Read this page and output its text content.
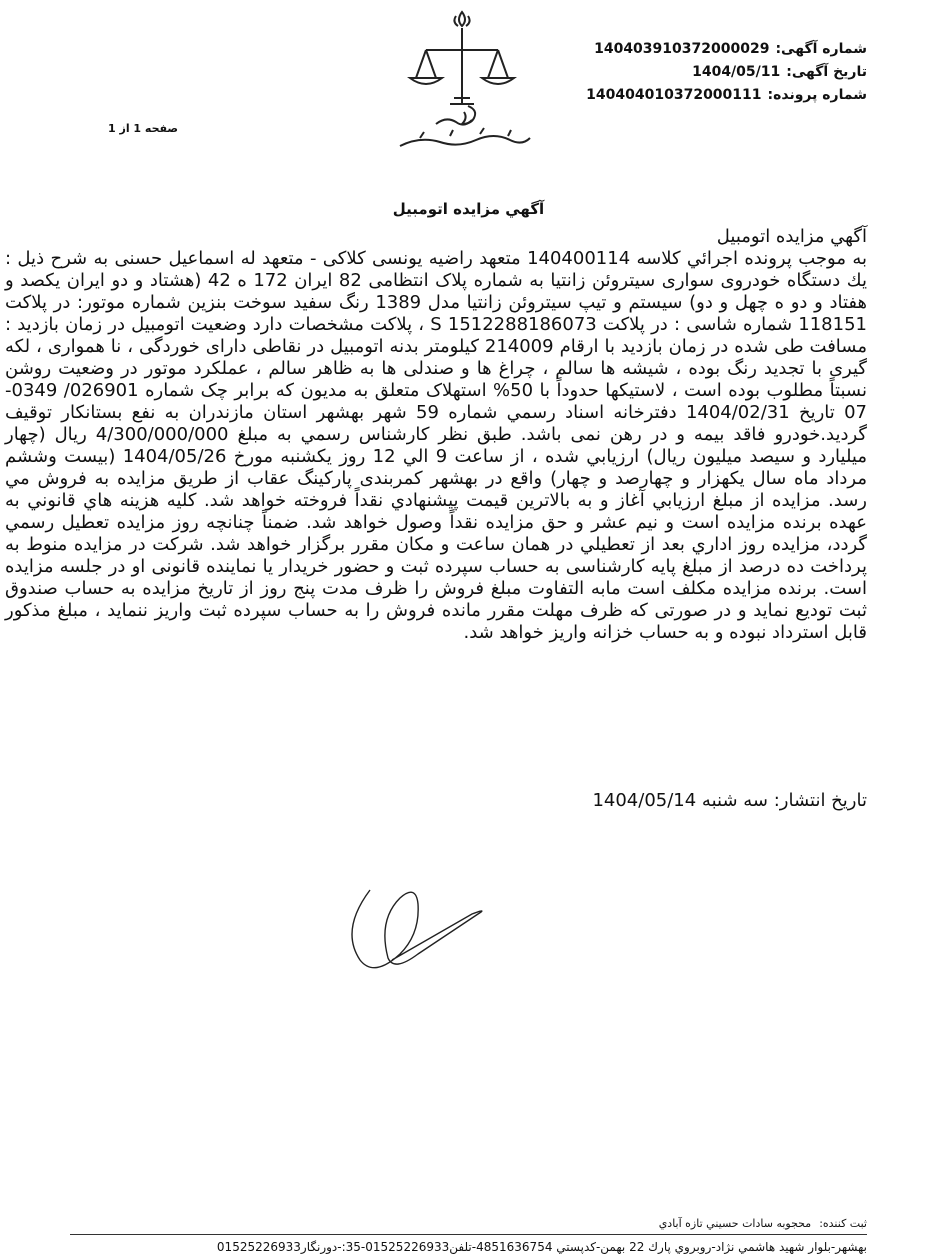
شماره آگهی:
140403910372000029
تاریخ آگهی:
1404/05/11
شماره پرونده:
140404010372000111
صفحه 1 از 1
آگهي مزايده اتومبيل

آگهي مزايده اتومبيل

به موجب پرونده اجرائي كلاسه 140400114 متعهد راضیه یونسی کلاکی - متعهد له اسماعیل حسنی به شرح ذیل : یك دستگاه خودروی سواری سیتروئن زانتیا به شماره پلاک انتظامی 82 ایران 172 ه 42 (هشتاد و دو ایران یکصد و هفتاد و دو ه چهل و دو) سیستم و تیپ سیتروئن زانتیا مدل 1389 رنگ سفید سوخت بنزین شماره موتور: در پلاکت 118151 شماره شاسی : در پلاکت S 1512288186073 ، پلاکت مشخصات دارد وضعیت اتومبیل در زمان بازدید : مسافت طی شده در زمان بازدید با ارقام 214009 کیلومتر بدنه اتومبیل در نقاطی دارای خوردگی ، نا همواری ، لکه گیری با تجدید رنگ بوده ، شیشه ها سالم ، چراغ ها و صندلی ها به ظاهر سالم ، عملکرد موتور در وضعیت روشن نسبتاً مطلوب بوده است ، لاستیکها حدوداً با 50% استهلاک متعلق به مدیون که برابر چک شماره 026901/ 0349-07 تاریخ 1404/02/31 دفترخانه اسناد رسمي شماره 59 شهر بهشهر استان مازندران به نفع بستانکار توقیف گردید.خودرو فاقد بیمه و در رهن نمی باشد. طبق نظر كارشناس رسمي به مبلغ 4/300/000/000 ريال (چهار میلیارد و سیصد میلیون ریال) ارزيابي شده ، از ساعت 9 الي 12 روز يكشنبه مورخ 1404/05/26 (بیست وششم مرداد ماه سال یکهزار و چهارصد و چهار) واقع در بهشهر کمربندی پارکینگ عقاب از طريق مزايده به فروش مي رسد. مزايده از مبلغ ارزيابي آغاز و به بالاترين قيمت پيشنهادي نقداً فروخته خواهد شد. كليه هزينه هاي قانوني به عهده برنده مزايده است و نيم عشر و حق مزايده نقداً وصول خواهد شد. ضمناً چنانچه روز مزايده تعطيل رسمي گردد، مزايده روز اداري بعد از تعطيلي در همان ساعت و مكان مقرر برگزار خواهد شد. شرکت در مزایده منوط به پرداخت ده درصد از مبلغ پایه کارشناسی به حساب سپرده ثبت و حضور خریدار یا نماینده قانونی او در جلسه مزایده است. برنده مزایده مکلف است مابه التفاوت مبلغ فروش را ظرف مدت پنج روز از تاریخ مزایده به حساب صندوق ثبت تودیع نماید و در صورتی که ظرف مهلت مقرر مانده فروش را به حساب سپرده ثبت واریز ننماید ، مبلغ مذکور قابل استرداد نبوده و به حساب خزانه واریز خواهد شد.

تاریخ انتشار: سه شنبه 1404/05/14
ثبت کننده:
محجوبه سادات حسيني تازه آبادي
بهشهر-بلوار شهيد هاشمي نژاد-روبروي پارك 22 بهمن-كدپستي 4851636754-تلفن01525226933-35:-دورنگار01525226933
